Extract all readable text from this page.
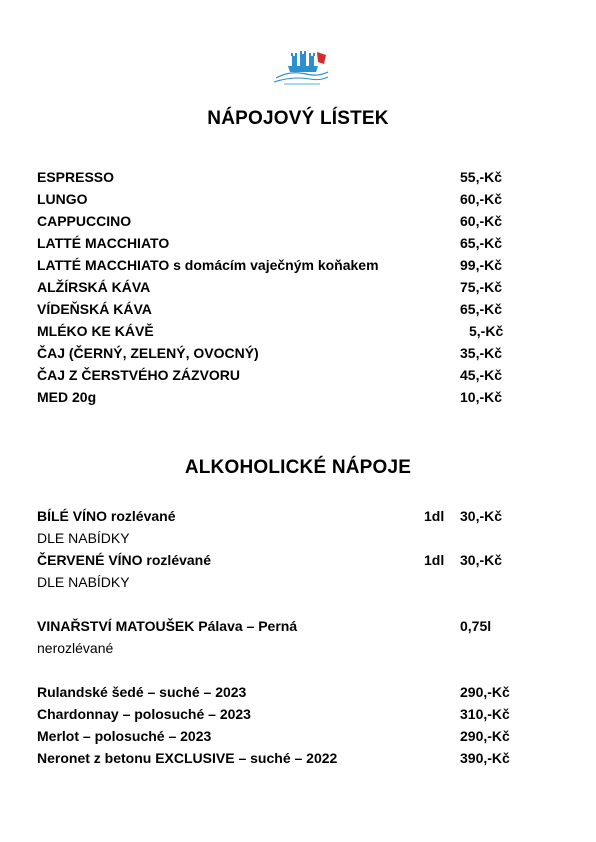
NÁPOJOVÝ LÍSTEK
ESPRESSO	55,-Kč
LUNGO	60,-Kč
CAPPUCCINO	60,-Kč
LATTÉ MACCHIATO	65,-Kč
LATTÉ MACCHIATO s domácím vaječným koňakem	99,-Kč
ALŽÍRSKÁ KÁVA	75,-Kč
VÍDEŇSKÁ KÁVA	65,-Kč
MLÉKO KE KÁVĚ	5,-Kč
ČAJ (ČERNÝ, ZELENÝ, OVOCNÝ)	35,-Kč
ČAJ Z ČERSTVÉHO ZÁZVORU	45,-Kč
MED 20g	10,-Kč
ALKOHOLICKÉ NÁPOJE
BÍLÉ VÍNO rozlévané	1dl 30,-Kč
DLE NABÍDKY
ČERVENÉ VÍNO rozlévané	1dl 30,-Kč
DLE NABÍDKY
VINAŘSTVÍ MATOUŠEK Pálava – Perná	0,75l
nerozlévané
Rulandské šedé – suché – 2023	290,-Kč
Chardonnay – polosuché – 2023	310,-Kč
Merlot – polosuché – 2023	290,-Kč
Neronet z betonu EXCLUSIVE – suché – 2022	390,-Kč
